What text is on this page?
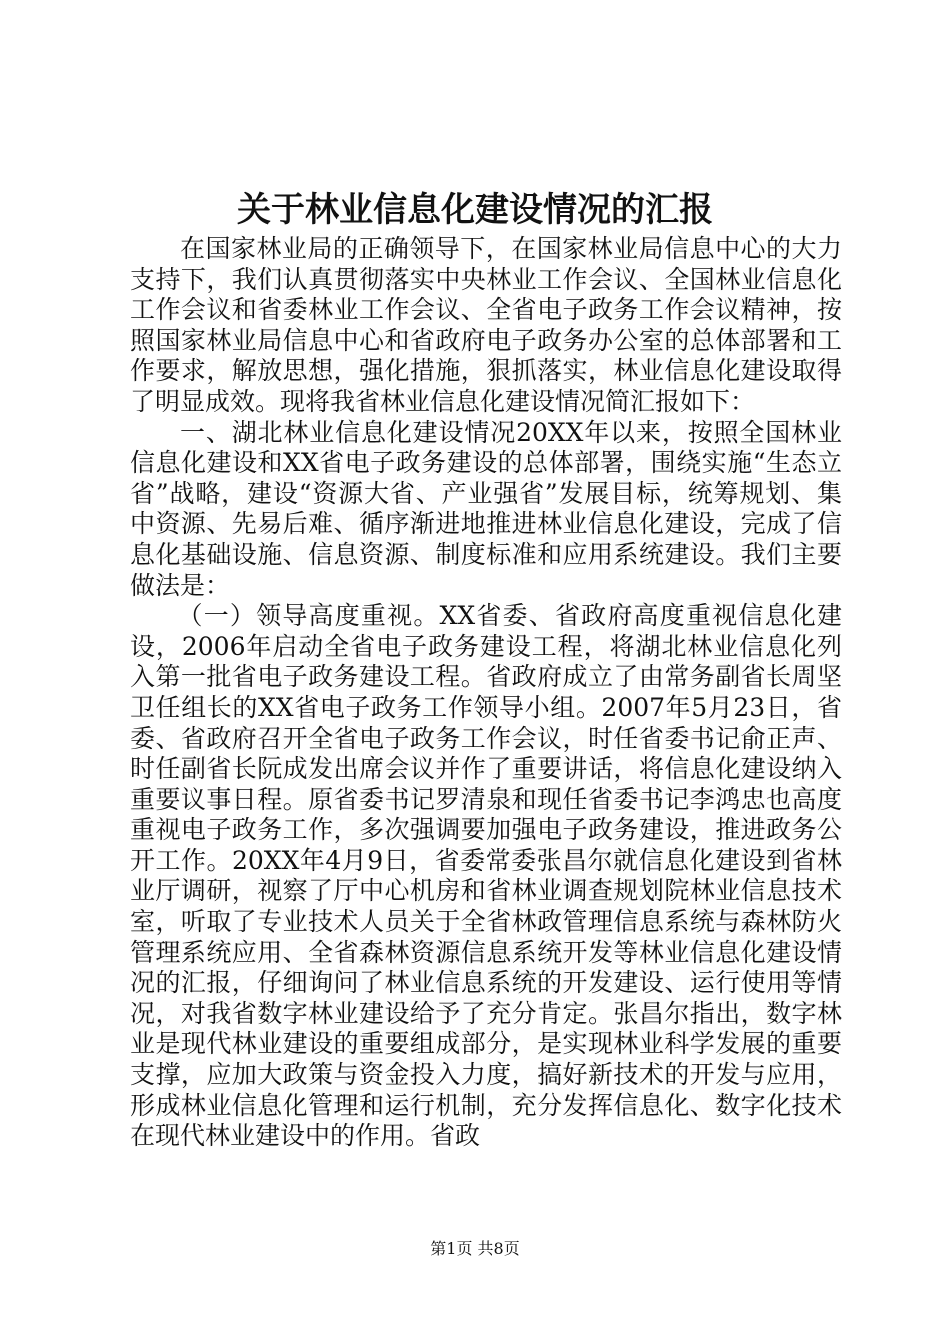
关于林业信息化建设情况的汇报

在国家林业局的正确领导下，在国家林业局信息中心的大力支持下，我们认真贯彻落实中央林业工作会议、全国林业信息化工作会议和省委林业工作会议、全省电子政务工作会议精神，按照国家林业局信息中心和省政府电子政务办公室的总体部署和工作要求，解放思想，强化措施，狠抓落实，林业信息化建设取得了明显成效。现将我省林业信息化建设情况简汇报如下：

一、湖北林业信息化建设情况20XX年以来，按照全国林业信息化建设和XX省电子政务建设的总体部署，围绕实施“生态立省”战略，建设“资源大省、产业强省”发展目标，统筹规划、集中资源、先易后难、循序渐进地推进林业信息化建设，完成了信息化基础设施、信息资源、制度标准和应用系统建设。我们主要做法是：

（一）领导高度重视。XX省委、省政府高度重视信息化建设，2006年启动全省电子政务建设工程，将湖北林业信息化列入第一批省电子政务建设工程。省政府成立了由常务副省长周坚卫任组长的XX省电子政务工作领导小组。2007年5月23日，省委、省政府召开全省电子政务工作会议，时任省委书记俞正声、时任副省长阮成发出席会议并作了重要讲话，将信息化建设纳入重要议事日程。原省委书记罗清泉和现任省委书记李鸿忠也高度重视电子政务工作，多次强调要加强电子政务建设，推进政务公开工作。20XX年4月9日，省委常委张昌尔就信息化建设到省林业厅调研，视察了厅中心机房和省林业调查规划院林业信息技术室，听取了专业技术人员关于全省林政管理信息系统与森林防火管理系统应用、全省森林资源信息系统开发等林业信息化建设情况的汇报，仔细询问了林业信息系统的开发建设、运行使用等情况，对我省数字林业建设给予了充分肯定。张昌尔指出，数字林业是现代林业建设的重要组成部分，是实现林业科学发展的重要支撑，应加大政策与资金投入力度，搞好新技术的开发与应用，形成林业信息化管理和运行机制，充分发挥信息化、数字化技术在现代林业建设中的作用。省政

第1页 共8页
